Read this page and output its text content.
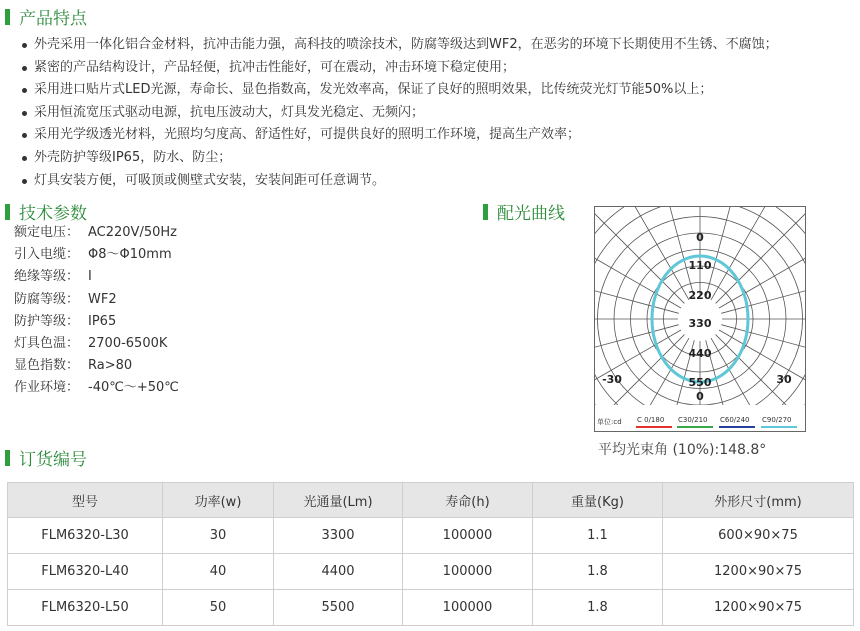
产品特点
外壳采用一体化铝合金材料，抗冲击能力强，高科技的喷涂技术，防腐等级达到WF2，在恶劣的环境下长期使用不生锈、不腐蚀；
紧密的产品结构设计，产品轻便，抗冲击性能好，可在震动，冲击环境下稳定使用；
采用进口贴片式LED光源，寿命长、显色指数高，发光效率高，保证了良好的照明效果，比传统荧光灯节能50%以上；
采用恒流宽压式驱动电源，抗电压波动大，灯具发光稳定、无频闪；
采用光学级透光材料，光照均匀度高、舒适性好，可提供良好的照明工作环境，提高生产效率；
外壳防护等级IP65，防水、防尘；
灯具安装方便，可吸顶或侧壁式安装，安装间距可任意调节。
技术参数
额定电压： AC220V/50Hz
引入电缆： Φ8～Φ10mm
绝缘等级： I
防腐等级： WF2
防护等级： IP65
灯具色温： 2700-6500K
显色指数： Ra>80
作业环境： -40℃～+50℃
配光曲线
0
110
220
330
440
550
0
-30	30
单位:cd C 0/180 C30/210 C60/240 C90/270
平均光束角 (10%):148.8°
订货编号
型号	功率(w)	光通量(Lm)	寿命(h)	重量(Kg)	外形尺寸(mm)
FLM6320-L30	30	3300	100000	1.1	600×90×75
FLM6320-L40	40	4400	100000	1.8	1200×90×75
FLM6320-L50	50	5500	100000	1.8	1200×90×75
